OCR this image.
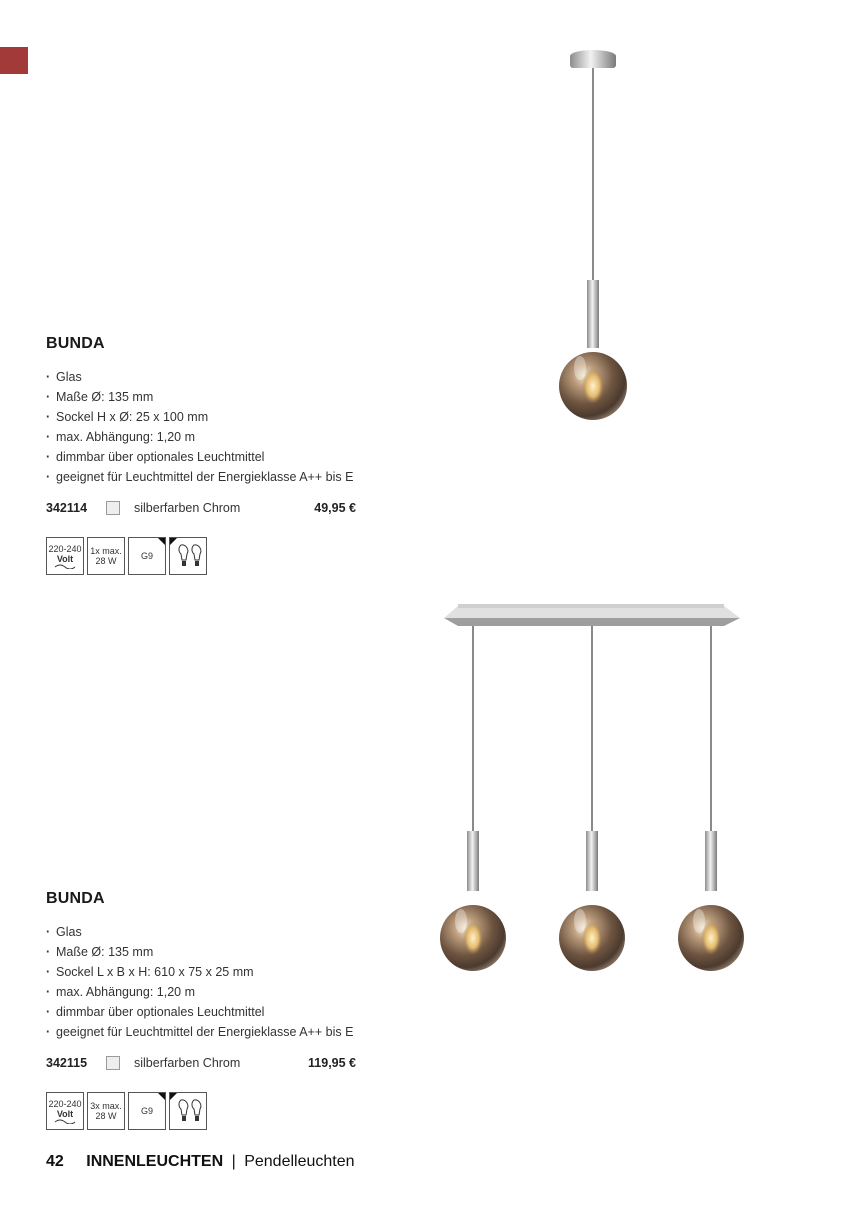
BUNDA
· Glas
· Maße Ø: 135 mm
· Sockel H x Ø: 25 x 100 mm
· max. Abhängung: 1,20 m
· dimmbar über optionales Leuchtmittel
· geeignet für Leuchtmittel der Energieklasse A++ bis E
342114	silberfarben Chrom	49,95 €
220-240
Volt
1x max.
28 W	G9
BUNDA
· Glas
· Maße Ø: 135 mm
· Sockel L x B x H: 610 x 75 x 25 mm
· max. Abhängung: 1,20 m
· dimmbar über optionales Leuchtmittel
· geeignet für Leuchtmittel der Energieklasse A++ bis E
342115	silberfarben Chrom	119,95 €
220-240
Volt
3x max.
28 W	G9
42 INNENLEUCHTEN | Pendelleuchten
